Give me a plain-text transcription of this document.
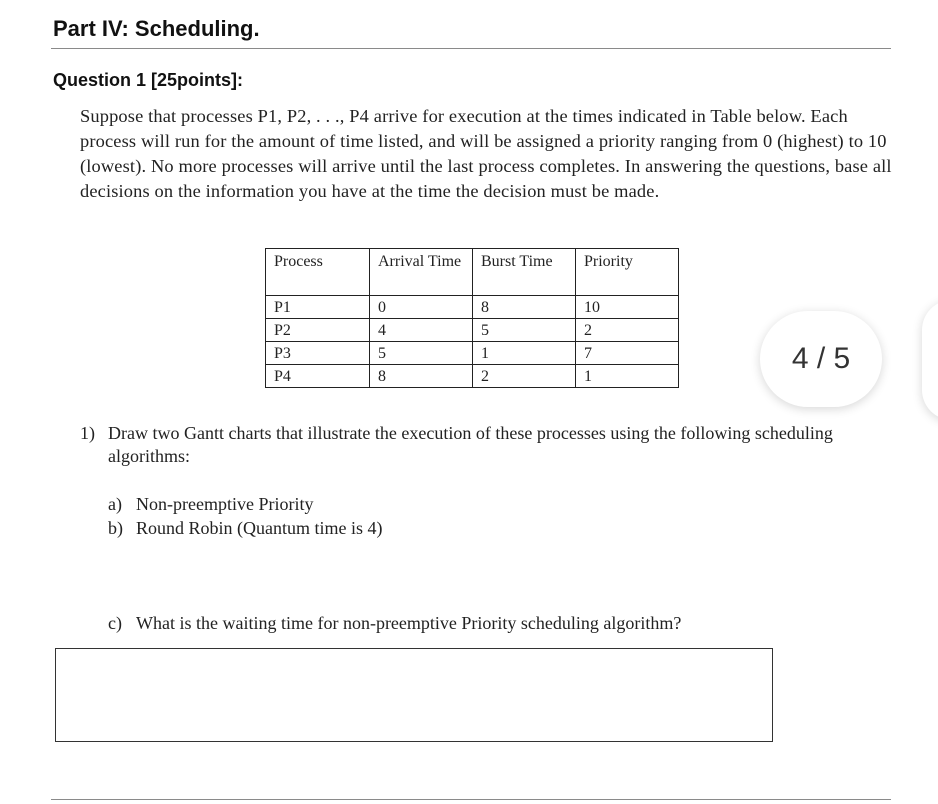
Part IV: Scheduling.
Question 1 [25points]:
Suppose that processes P1, P2, . . ., P4 arrive for execution at the times indicated in Table below. Each process will run for the amount of time listed, and will be assigned a priority ranging from 0 (highest) to 10 (lowest). No more processes will arrive until the last process completes. In answering the questions, base all decisions on the information you have at the time the decision must be made.
Process	Arrival Time	Burst Time	Priority
P1	0	8	10
P2	4	5	2
P3	5	1	7
P4	8	2	1
4 / 5
1) Draw two Gantt charts that illustrate the execution of these processes using the following scheduling algorithms:
a) Non-preemptive Priority
b) Round Robin (Quantum time is 4)
c) What is the waiting time for non-preemptive Priority scheduling algorithm?
